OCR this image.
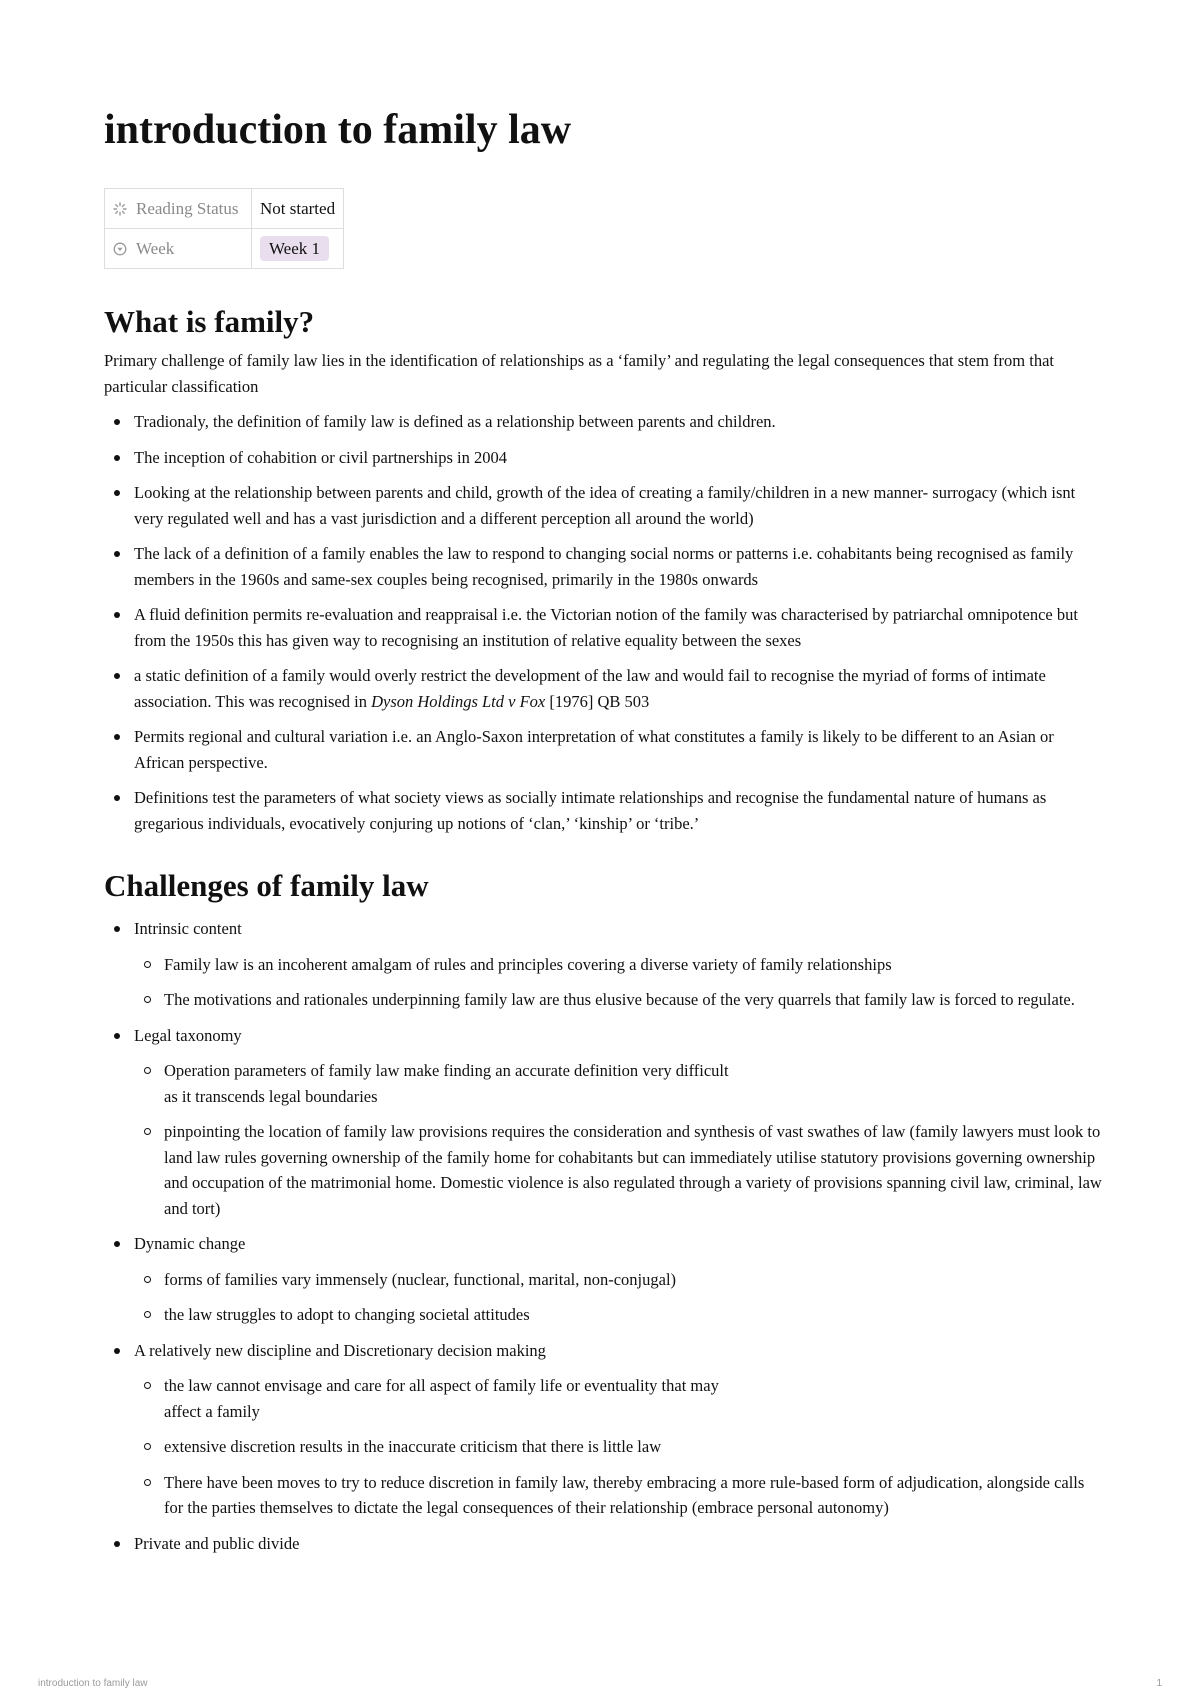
introduction to family law
Reading Status	Not started
Week	Week 1
What is family?

Primary challenge of family law lies in the identification of relationships as a ‘family’ and regulating the legal consequences that stem from that particular classification

Tradionaly, the definition of family law is defined as a relationship between parents and children.
The inception of cohabition or civil partnerships in 2004
Looking at the relationship between parents and child, growth of the idea of creating a family/children in a new manner- surrogacy (which isnt very regulated well and has a vast jurisdiction and a different perception all around the world)
The lack of a definition of a family enables the law to respond to changing social norms or patterns i.e. cohabitants being recognised as family members in the 1960s and same-sex couples being recognised, primarily in the 1980s onwards
A fluid definition permits re-evaluation and reappraisal i.e. the Victorian notion of the family was characterised by patriarchal omnipotence but from the 1950s this has given way to recognising an institution of relative equality between the sexes
a static definition of a family would overly restrict the development of the law and would fail to recognise the myriad of forms of intimate association. This was recognised in Dyson Holdings Ltd v Fox [1976] QB 503
Permits regional and cultural variation i.e. an Anglo-Saxon interpretation of what constitutes a family is likely to be different to an Asian or African perspective.
Definitions test the parameters of what society views as socially intimate relationships and recognise the fundamental nature of humans as gregarious individuals, evocatively conjuring up notions of ‘clan,’ ‘kinship’ or ‘tribe.’
Challenges of family law
Intrinsic content
Family law is an incoherent amalgam of rules and principles covering a diverse variety of family relationships
The motivations and rationales underpinning family law are thus elusive because of the very quarrels that family law is forced to regulate.
Legal taxonomy
Operation parameters of family law make finding an accurate definition very difficult
as it transcends legal boundaries
pinpointing the location of family law provisions requires the consideration and synthesis of vast swathes of law (family lawyers must look to land law rules governing ownership of the family home for cohabitants but can immediately utilise statutory provisions governing ownership and occupation of the matrimonial home. Domestic violence is also regulated through a variety of provisions spanning civil law, criminal, law and tort)
Dynamic change
forms of families vary immensely (nuclear, functional, marital, non-conjugal)
the law struggles to adopt to changing societal attitudes
A relatively new discipline and Discretionary decision making
the law cannot envisage and care for all aspect of family life or eventuality that may
affect a family
extensive discretion results in the inaccurate criticism that there is little law
There have been moves to try to reduce discretion in family law, thereby embracing a more rule-based form of adjudication, alongside calls for the parties themselves to dictate the legal consequences of their relationship (embrace personal autonomy)
Private and public divide
introduction to family law	1
